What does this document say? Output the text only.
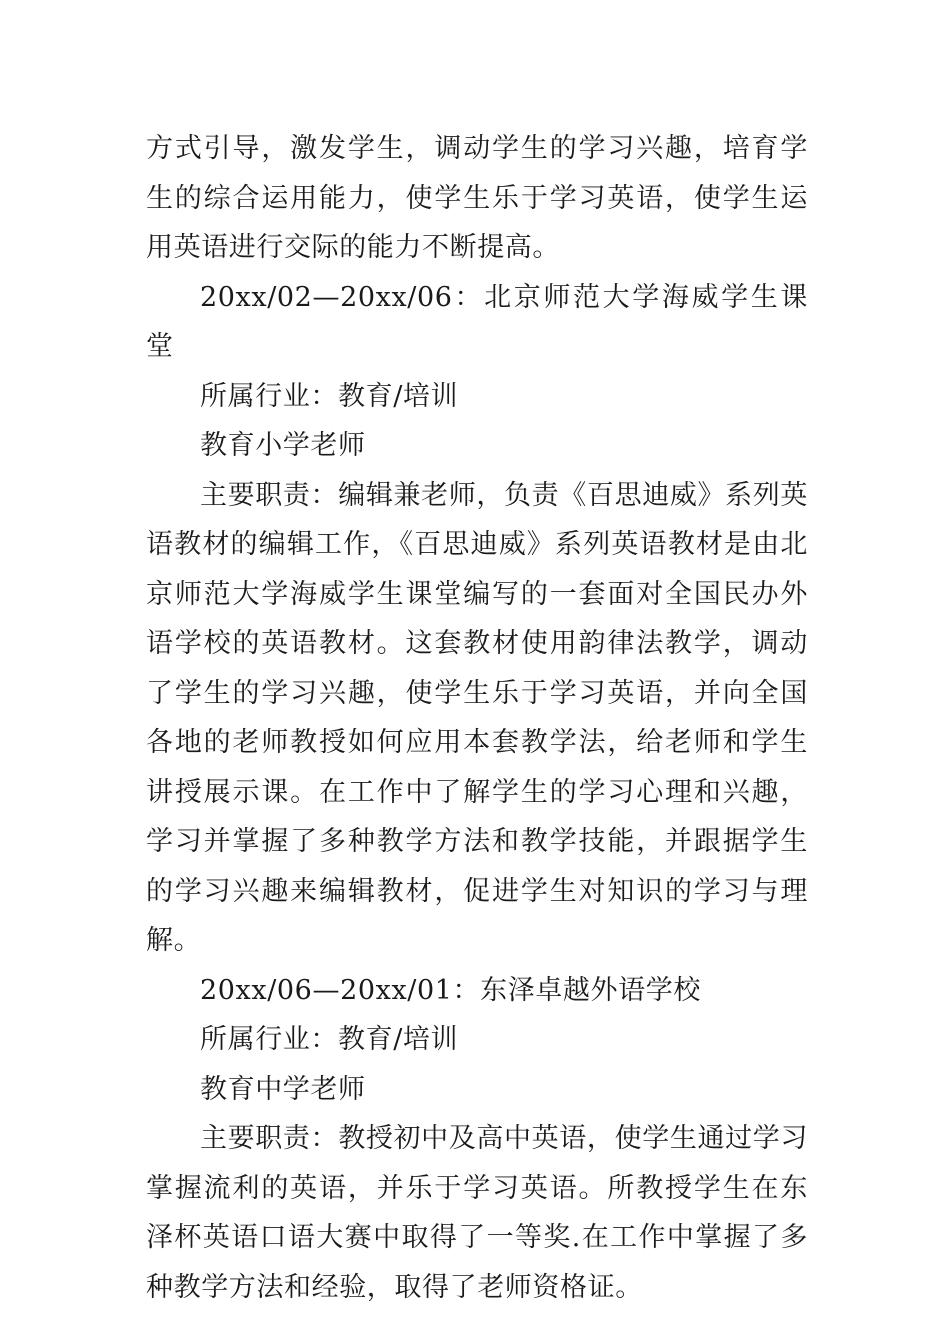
方式引导，激发学生，调动学生的学习兴趣，培育学生的综合运用能力，使学生乐于学习英语，使学生运用英语进行交际的能力不断提高。

20xx/02—20xx/06：北京师范大学海威学生课堂

所属行业：教育/培训

教育小学老师

主要职责：编辑兼老师，负责《百思迪威》系列英语教材的编辑工作，《百思迪威》系列英语教材是由北京师范大学海威学生课堂编写的一套面对全国民办外语学校的英语教材。这套教材使用韵律法教学，调动了学生的学习兴趣，使学生乐于学习英语，并向全国各地的老师教授如何应用本套教学法，给老师和学生讲授展示课。在工作中了解学生的学习心理和兴趣，学习并掌握了多种教学方法和教学技能，并跟据学生的学习兴趣来编辑教材，促进学生对知识的学习与理解。

20xx/06—20xx/01：东泽卓越外语学校

所属行业：教育/培训

教育中学老师

主要职责：教授初中及高中英语，使学生通过学习掌握流利的英语，并乐于学习英语。所教授学生在东泽杯英语口语大赛中取得了一等奖.在工作中掌握了多种教学方法和经验，取得了老师资格证。
